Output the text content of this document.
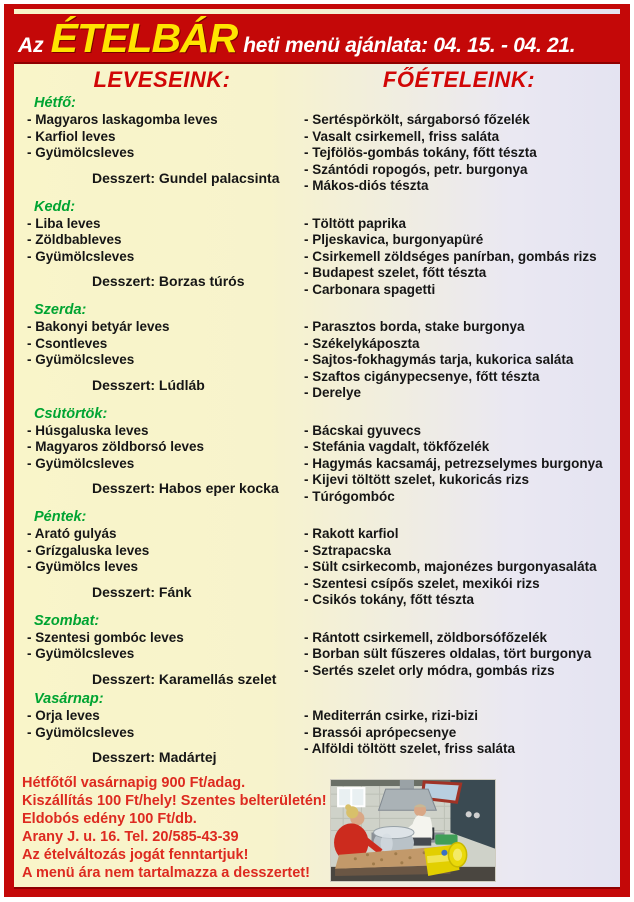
Az ÉTELBÁR heti menü ajánlata: 04. 15. - 04. 21.
LEVESEINK:	FŐÉTELEINK:
Hétfő:
- Magyaros laskagomba leves
- Karfiol leves
- Gyümölcsleves
Desszert: Gundel palacsinta
- Sertéspörkölt, sárgaborsó főzelék
- Vasalt csirkemell, friss saláta
- Tejfölös-gombás tokány, főtt tészta
- Szántódi ropogós, petr. burgonya
- Mákos-diós tészta
Kedd:
- Liba leves
- Zöldbableves
- Gyümölcsleves
Desszert: Borzas túrós
- Töltött paprika
- Pljeskavica, burgonyapüré
- Csirkemell zöldséges panírban, gombás rizs
- Budapest szelet, főtt tészta
- Carbonara spagetti
Szerda:
- Bakonyi betyár leves
- Csontleves
- Gyümölcsleves
Desszert: Lúdláb
- Parasztos borda, stake burgonya
- Székelykáposzta
- Sajtos-fokhagymás tarja, kukorica saláta
- Szaftos cigánypecsenye, főtt tészta
- Derelye
Csütörtök:
- Húsgaluska leves
- Magyaros zöldborsó leves
- Gyümölcsleves
Desszert: Habos eper kocka
- Bácskai gyuvecs
- Stefánia vagdalt, tökfőzelék
- Hagymás kacsamáj, petrezselymes burgonya
- Kijevi töltött szelet, kukoricás rizs
- Túrógombóc
Péntek:
- Arató gulyás
- Grízgaluska leves
- Gyümölcs leves
Desszert: Fánk
- Rakott karfiol
- Sztrapacska
- Sült csirkecomb, majonézes burgonyasaláta
- Szentesi csípős szelet, mexikói rizs
- Csikós tokány, főtt tészta
Szombat:
- Szentesi gombóc leves
- Gyümölcsleves
Desszert: Karamellás szelet
- Rántott csirkemell, zöldborsófőzelék
- Borban sült fűszeres oldalas, tört burgonya
- Sertés szelet orly módra, gombás rizs
Vasárnap:
- Orja leves
- Gyümölcsleves
Desszert: Madártej
- Mediterrán csirke, rizi-bizi
- Brassói aprópecsenye
- Alföldi töltött szelet, friss saláta
Hétfőtől vasárnapig 900 Ft/adag.
Kiszállítás 100 Ft/hely! Szentes belterületén!
Eldobós edény 100 Ft/db.
Arany J. u. 16. Tel. 20/585-43-39
Az ételváltozás jogát fenntartjuk!
A menü ára nem tartalmazza a desszertet!
